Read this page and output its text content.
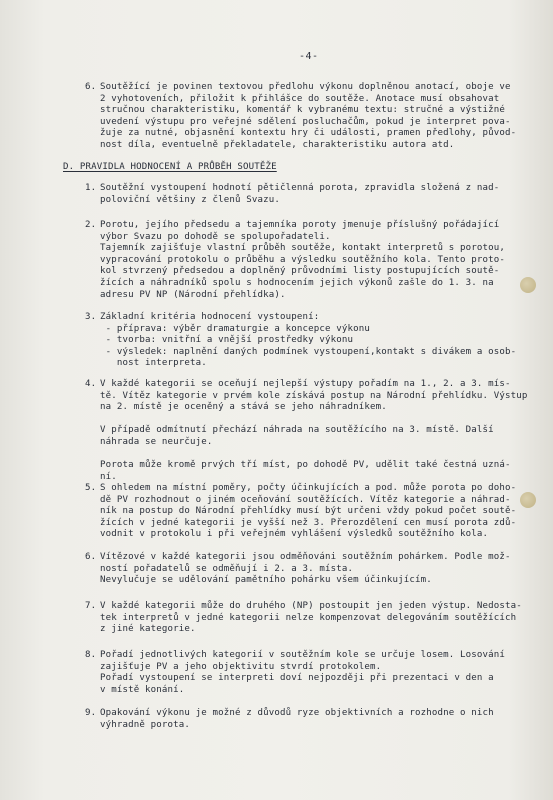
-4-
6. Soutěžící je povinen textovou předlohu výkonu doplněnou anotací, oboje ve
2 vyhotoveních, přiložit k přihlášce do soutěže. Anotace musí obsahovat
stručnou charakteristiku, komentář k vybranému textu: stručné a výstižné
uvedení výstupu pro veřejné sdělení posluchačům, pokud je interpret pova-
žuje za nutné, objasnění kontextu hry či události, pramen předlohy, původ-
nost díla, eventuelně překladatele, charakteristiku autora atd.
D. PRAVIDLA HODNOCENÍ A PRŮBĚH SOUTĚŽE
1. Soutěžní vystoupení hodnotí pětičlenná porota, zpravidla složená z nad-
poloviční většiny z členů Svazu.
2. Porotu, jejího předsedu a tajemníka poroty jmenuje příslušný pořádající
výbor Svazu po dohodě se spolupořadateli.
Tajemník zajišťuje vlastní průběh soutěže, kontakt interpretů s porotou,
vypracování protokolu o průběhu a výsledku soutěžního kola. Tento proto-
kol stvrzený předsedou a doplněný průvodními listy postupujících soutě-
žících a náhradníků spolu s hodnocením jejich výkonů zašle do 1. 3. na
adresu PV NP (Národní přehlídka).
3. Základní kritéria hodnocení vystoupení:
- příprava: výběr dramaturgie a koncepce výkonu
- tvorba: vnitřní a vnější prostředky výkonu
- výsledek: naplnění daných podmínek vystoupení,kontakt s divákem a osob-
nost interpreta.
4. V každé kategorii se oceňují nejlepší výstupy pořadím na 1., 2. a 3. mís-
tě. Vítěz kategorie v prvém kole získává postup na Národní přehlídku. Výstup
na 2. místě je oceněný a stává se jeho náhradníkem.
V případě odmítnutí přechází náhrada na soutěžícího na 3. místě. Další
náhrada se neurčuje.
Porota může kromě prvých tří míst, po dohodě PV, udělit také čestná uzná-
ní.
5. S ohledem na místní poměry, počty účinkujících a pod. může porota po doho-
dě PV rozhodnout o jiném oceňování soutěžících. Vítěz kategorie a náhrad-
ník na postup do Národní přehlídky musí být určeni vždy pokud počet soutě-
žících v jedné kategorii je vyšší než 3. Přerozdělení cen musí porota zdů-
vodnit v protokolu i při veřejném vyhlášení výsledků soutěžního kola.
6. Vítězové v každé kategorii jsou odměňováni soutěžním pohárkem. Podle mož-
ností pořadatelů se odměňují i 2. a 3. místa.
Nevylučuje se udělování pamětního pohárku všem účinkujícím.
7. V každé kategorii může do druhého (NP) postoupit jen jeden výstup. Nedosta-
tek interpretů v jedné kategorii nelze kompenzovat delegováním soutěžících
z jiné kategorie.
8. Pořadí jednotlivých kategorií v soutěžním kole se určuje losem. Losování
zajišťuje PV a jeho objektivitu stvrdí protokolem.
Pořadí vystoupení se interpreti doví nejpozději při prezentaci v den a
v místě konání.
9. Opakování výkonu je možné z důvodů ryze objektivních a rozhodne o nich
výhradně porota.
